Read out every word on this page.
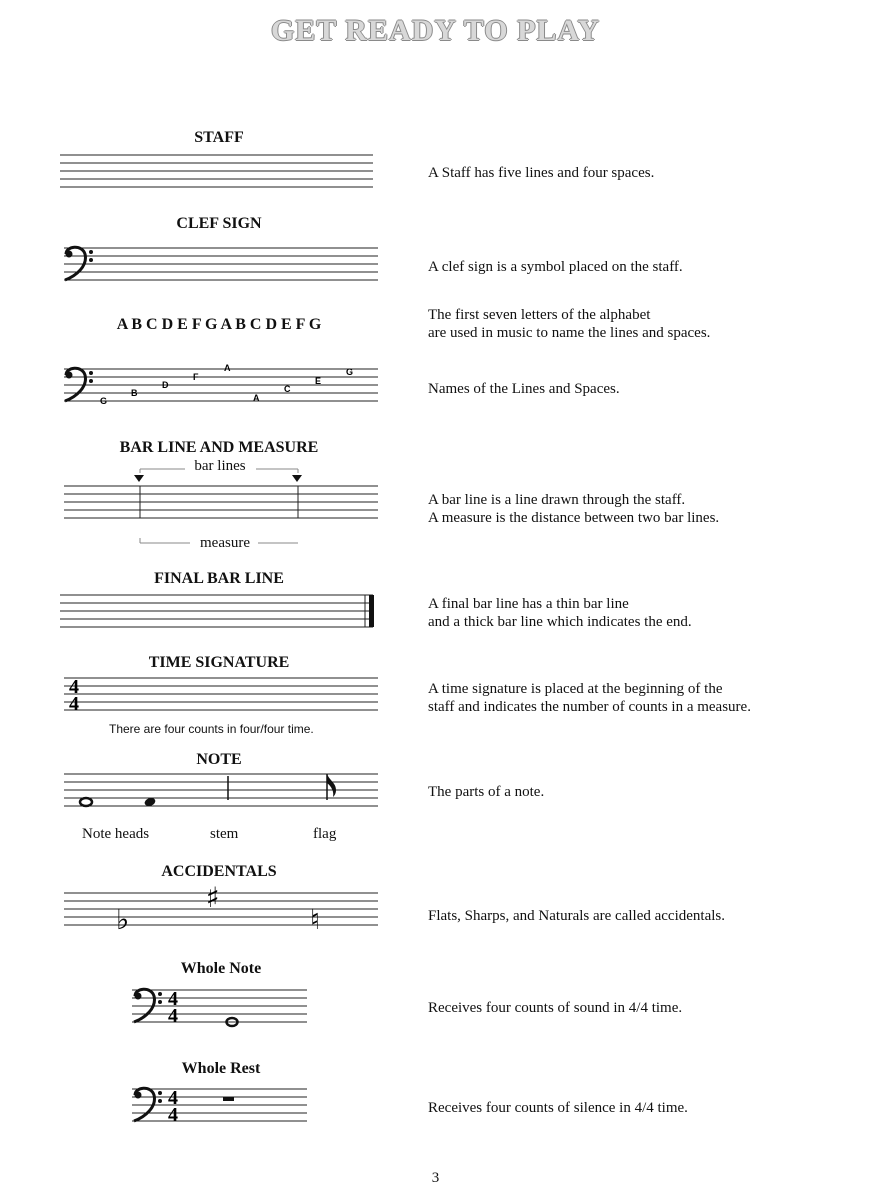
GET READY TO PLAY
STAFF
A Staff has five lines and four spaces.
CLEF SIGN
A clef sign is a symbol placed on the staff.
A B C D E F G A B C D E F G
The first seven letters of the alphabet
are used in music to name the lines and spaces.
G
B
D
F
A
A
C
E
G
Names of the Lines and Spaces.
BAR LINE AND MEASURE
bar lines
measure
A bar line is a line drawn through the staff.
A measure is the distance between two bar lines.
FINAL BAR LINE
A final bar line has a thin bar line
and a thick bar line which indicates the end.
TIME SIGNATURE
4
4
There are four counts in four/four time.
A time signature is placed at the beginning of the
staff and indicates the number of counts in a measure.
NOTE
Note heads	stem	flag
The parts of a note.
ACCIDENTALS
♭
♯
♮	Flats, Sharps, and Naturals are called accidentals.
Whole Note
4
4	Receives four counts of sound in 4/4 time.
Whole Rest
4
4	Receives four counts of silence in 4/4 time.
3
